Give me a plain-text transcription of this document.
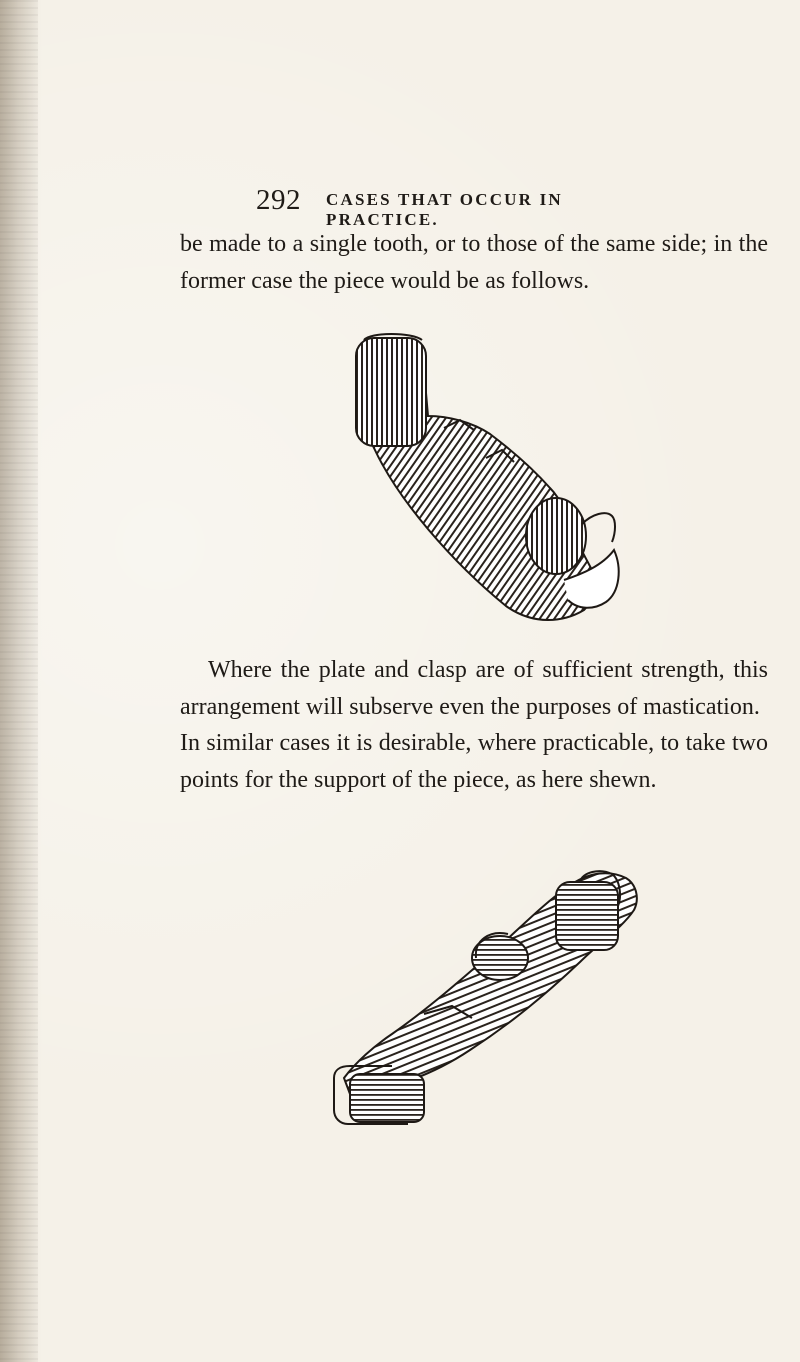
292 CASES THAT OCCUR IN PRACTICE.

be made to a single tooth, or to those of the same side; in the former case the piece would be as follows.

Where the plate and clasp are of sufficient strength, this arrangement will subserve even the purposes of mastication.

In similar cases it is desirable, where practicable, to take two points for the support of the piece, as here shewn.
